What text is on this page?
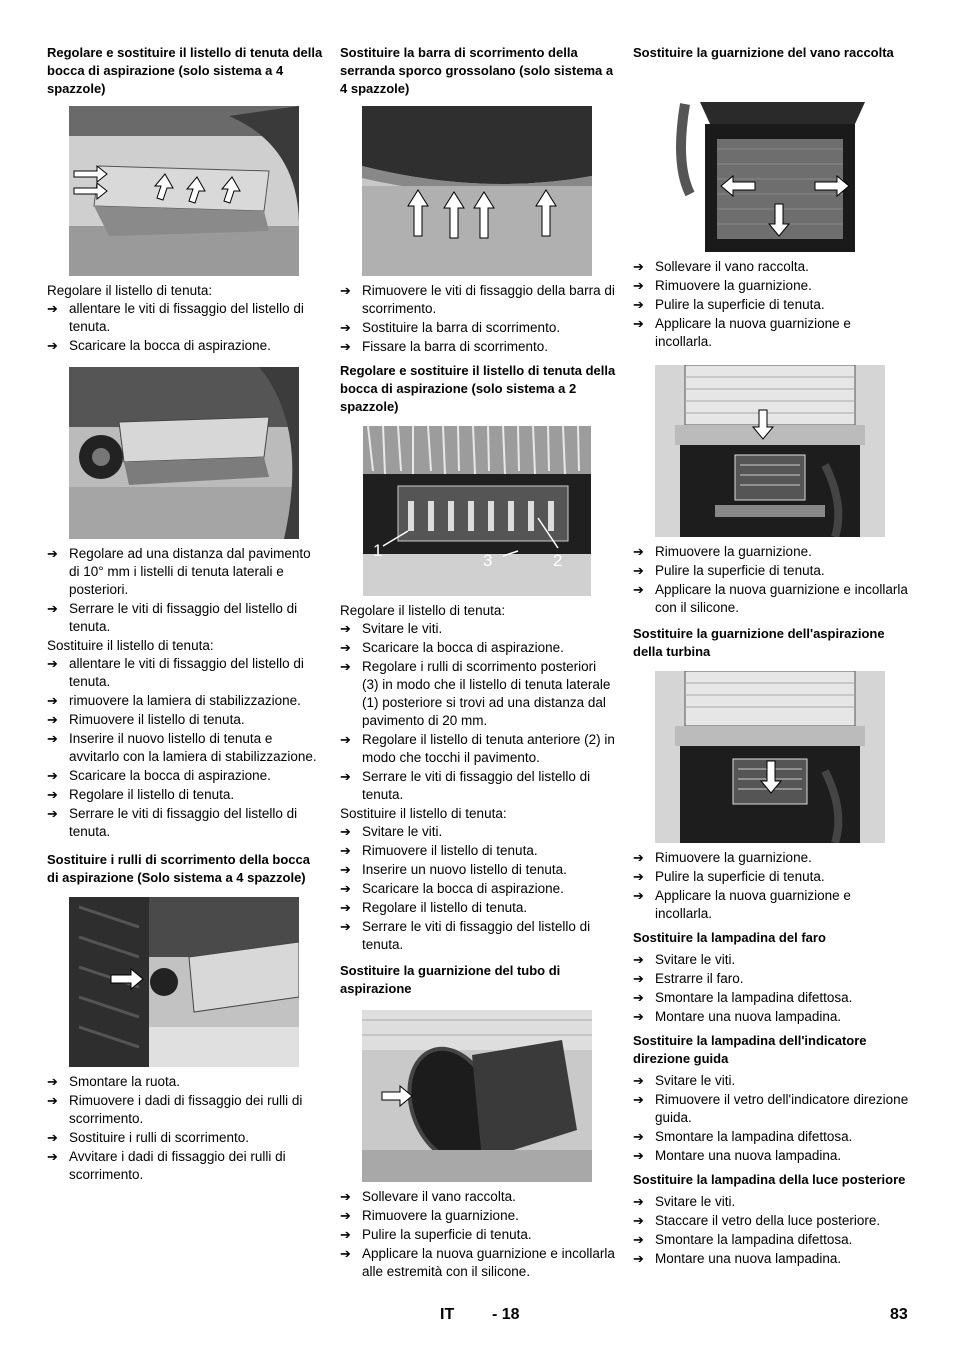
Regolare e sostituire il listello di tenuta della bocca di aspirazione (solo sistema a 4 spazzole)
Regolare il listello di tenuta:
➔ allentare le viti di fissaggio del listello di tenuta.
➔ Scaricare la bocca di aspirazione.
➔ Regolare ad una distanza dal pavimento di 10° mm i listelli di tenuta laterali e posteriori.
➔ Serrare le viti di fissaggio del listello di tenuta.
Sostituire il listello di tenuta:
➔ allentare le viti di fissaggio del listello di tenuta.
➔ rimuovere la lamiera di stabilizzazione.
➔ Rimuovere il listello di tenuta.
➔ Inserire il nuovo listello di tenuta e avvitarlo con la lamiera di stabilizzazione.
➔ Scaricare la bocca di aspirazione.
➔ Regolare il listello di tenuta.
➔ Serrare le viti di fissaggio del listello di tenuta.
Sostituire i rulli di scorrimento della bocca di aspirazione (Solo sistema a 4 spazzole)
➔ Smontare la ruota.
➔ Rimuovere i dadi di fissaggio dei rulli di scorrimento.
➔ Sostituire i rulli di scorrimento.
➔ Avvitare i dadi di fissaggio dei rulli di scorrimento.
Sostituire la barra di scorrimento della serranda sporco grossolano (solo sistema a 4 spazzole)
➔ Rimuovere le viti di fissaggio della barra di scorrimento.
➔ Sostituire la barra di scorrimento.
➔ Fissare la barra di scorrimento.
Regolare e sostituire il listello di tenuta della bocca di aspirazione (solo sistema a 2 spazzole)
1
3	2
Regolare il listello di tenuta:
➔ Svitare le viti.
➔ Scaricare la bocca di aspirazione.
➔ Regolare i rulli di scorrimento posteriori (3) in modo che il listello di tenuta laterale (1) posteriore si trovi ad una distanza dal pavimento di 20 mm.
➔ Regolare il listello di tenuta anteriore (2) in modo che tocchi il pavimento.
➔ Serrare le viti di fissaggio del listello di tenuta.
Sostituire il listello di tenuta:
➔ Svitare le viti.
➔ Rimuovere il listello di tenuta.
➔ Inserire un nuovo listello di tenuta.
➔ Scaricare la bocca di aspirazione.
➔ Regolare il listello di tenuta.
➔ Serrare le viti di fissaggio del listello di tenuta.
Sostituire la guarnizione del tubo di aspirazione
➔ Sollevare il vano raccolta.
➔ Rimuovere la guarnizione.
➔ Pulire la superficie di tenuta.
➔ Applicare la nuova guarnizione e incollarla alle estremità con il silicone.
Sostituire la guarnizione del vano raccolta
➔ Sollevare il vano raccolta.
➔ Rimuovere la guarnizione.
➔ Pulire la superficie di tenuta.
➔ Applicare la nuova guarnizione e incollarla.
➔ Rimuovere la guarnizione.
➔ Pulire la superficie di tenuta.
➔ Applicare la nuova guarnizione e incollarla con il silicone.
Sostituire la guarnizione dell'aspirazione della turbina
➔ Rimuovere la guarnizione.
➔ Pulire la superficie di tenuta.
➔ Applicare la nuova guarnizione e incollarla.
Sostituire la lampadina del faro
➔ Svitare le viti.
➔ Estrarre il faro.
➔ Smontare la lampadina difettosa.
➔ Montare una nuova lampadina.
Sostituire la lampadina dell'indicatore direzione guida
➔ Svitare le viti.
➔ Rimuovere il vetro dell'indicatore direzione guida.
➔ Smontare la lampadina difettosa.
➔ Montare una nuova lampadina.
Sostituire la lampadina della luce posteriore
➔ Svitare le viti.
➔ Staccare il vetro della luce posteriore.
➔ Smontare la lampadina difettosa.
➔ Montare una nuova lampadina.
IT - 18	83
